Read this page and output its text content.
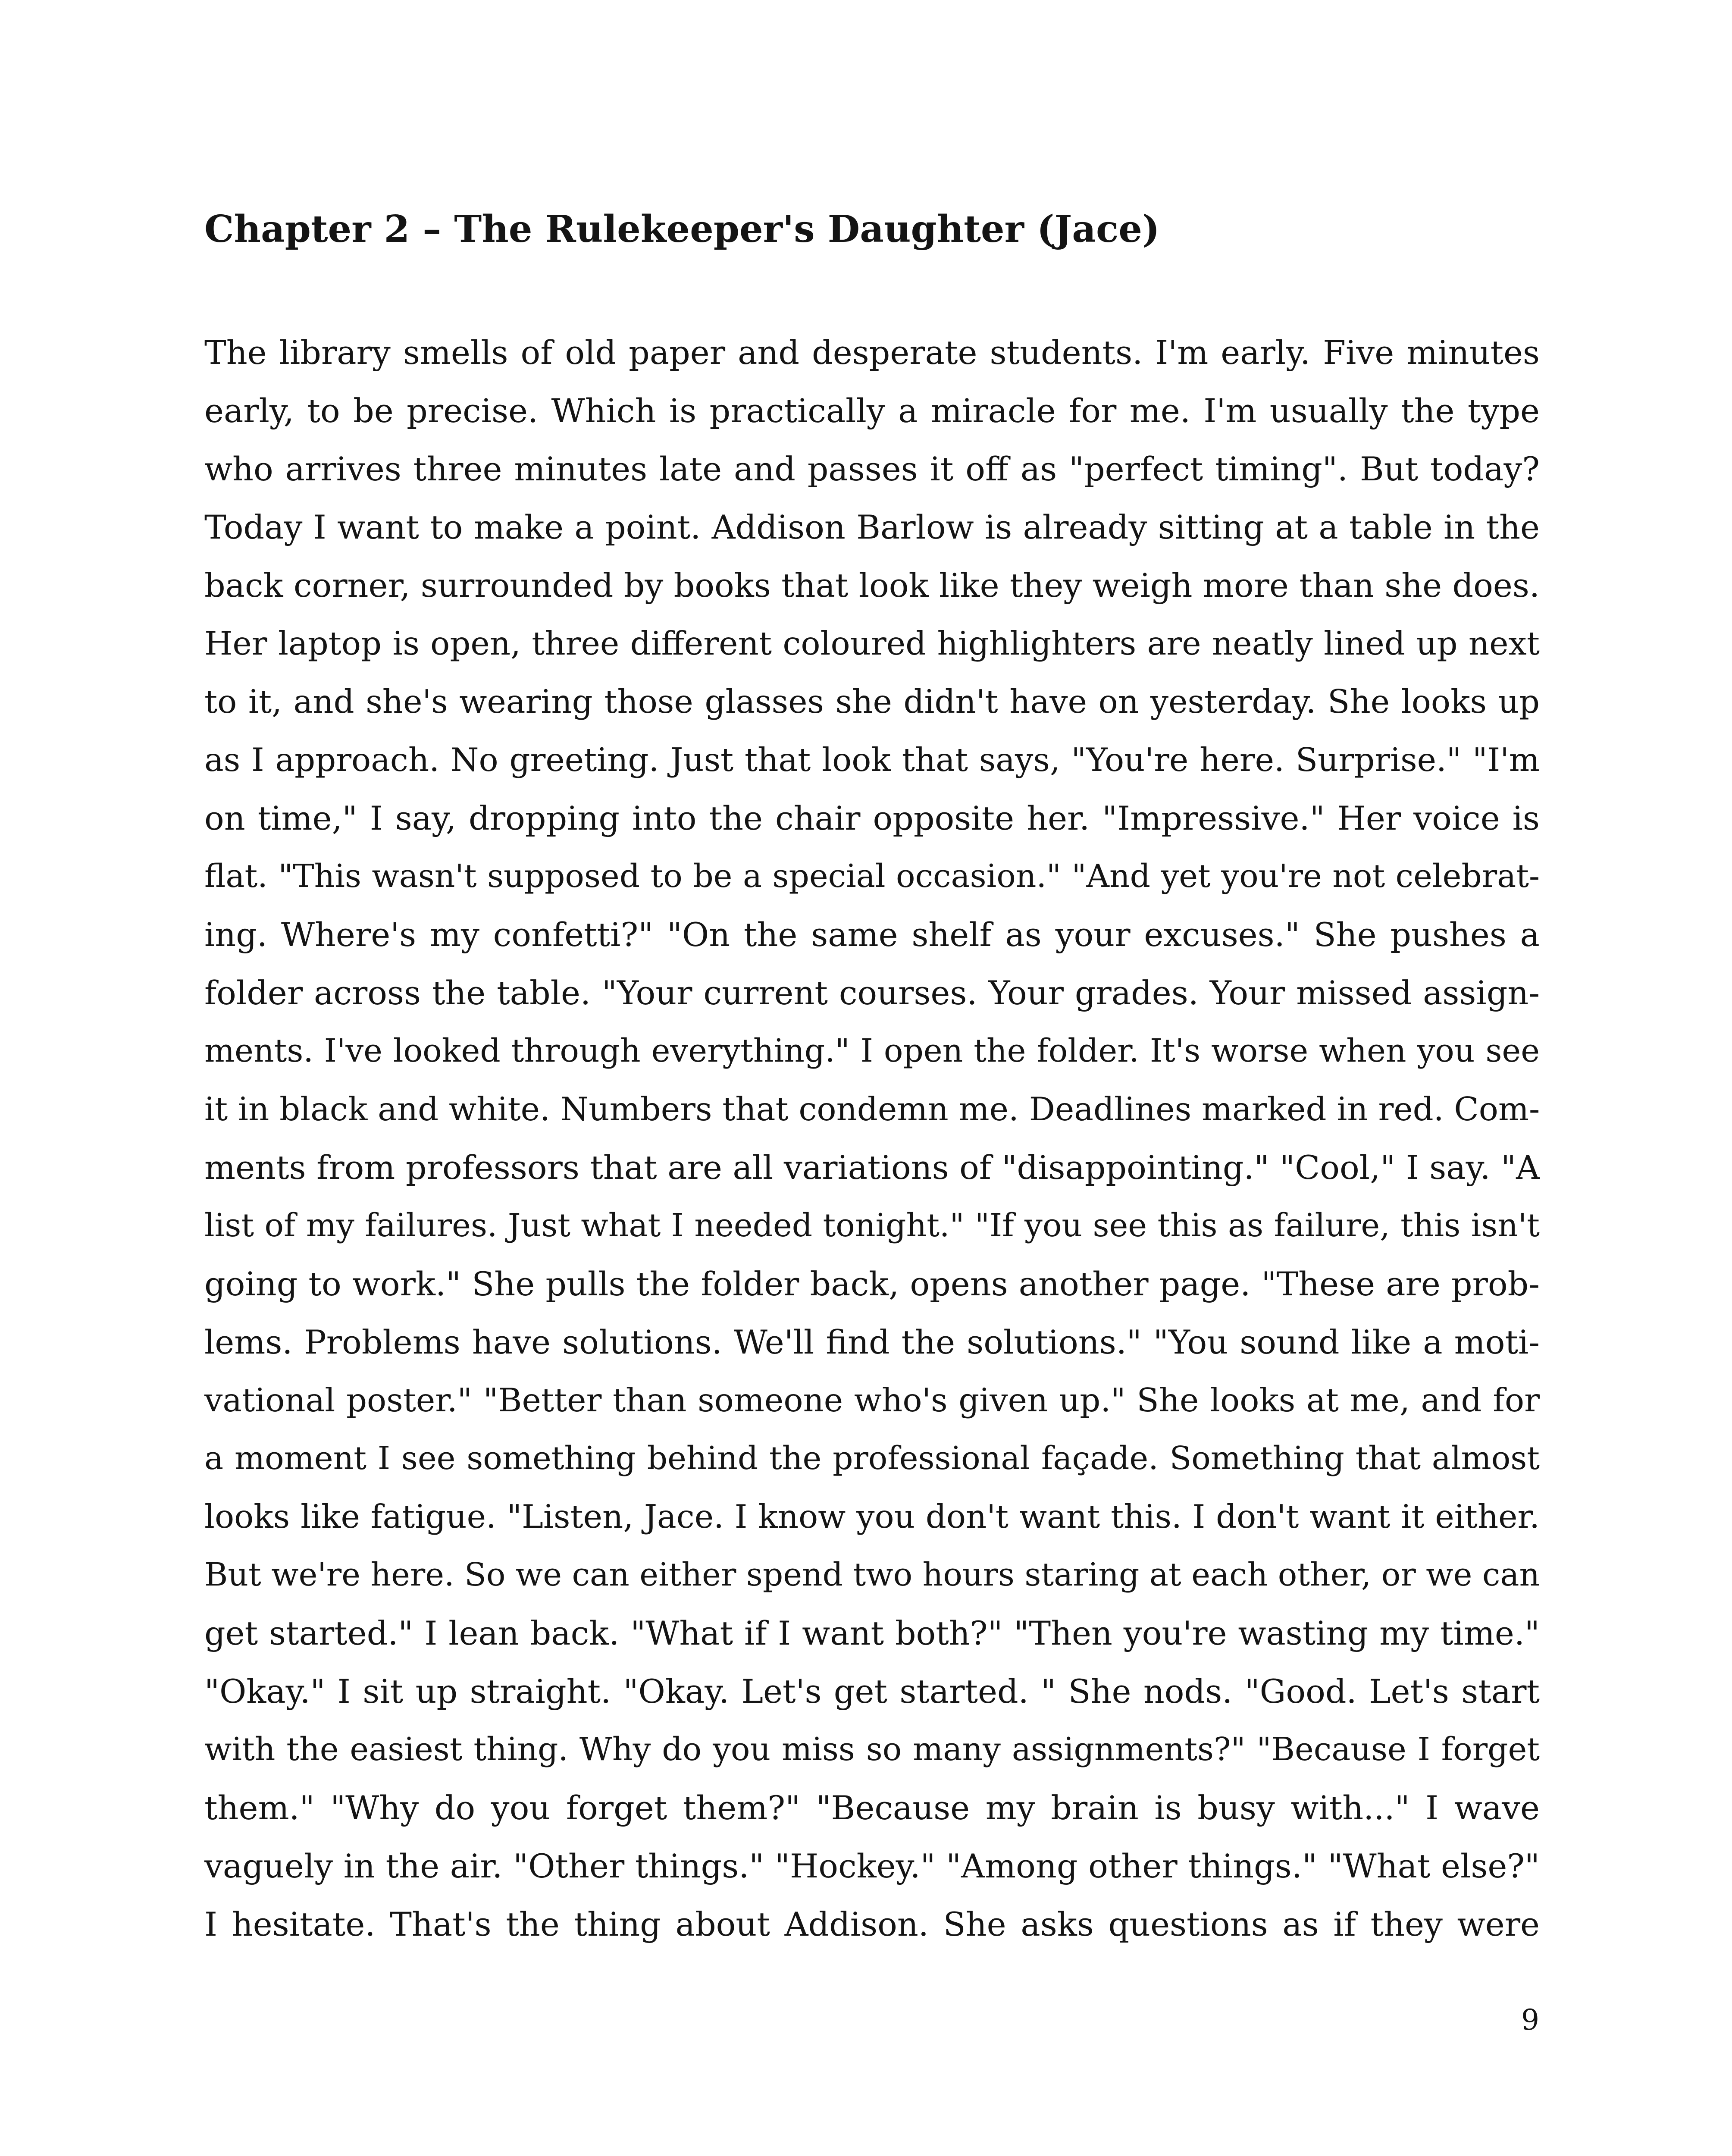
Chapter 2 – The Rulekeeper's Daughter (Jace)
The library smells of old paper and desperate students. I'm early. Five minutes
early, to be precise. Which is practically a miracle for me. I'm usually the type
who arrives three minutes late and passes it off as "perfect timing". But today?
Today I want to make a point. Addison Barlow is already sitting at a table in the
back corner, surrounded by books that look like they weigh more than she does.
Her laptop is open, three different coloured highlighters are neatly lined up next
to it, and she's wearing those glasses she didn't have on yesterday. She looks up
as I approach. No greeting. Just that look that says, "You're here. Surprise." "I'm
on time," I say, dropping into the chair opposite her. "Impressive." Her voice is
flat. "This wasn't supposed to be a special occasion." "And yet you're not celebrat-
ing. Where's my confetti?" "On the same shelf as your excuses." She pushes a
folder across the table. "Your current courses. Your grades. Your missed assign-
ments. I've looked through everything." I open the folder. It's worse when you see
it in black and white. Numbers that condemn me. Deadlines marked in red. Com-
ments from professors that are all variations of "disappointing." "Cool," I say. "A
list of my failures. Just what I needed tonight." "If you see this as failure, this isn't
going to work." She pulls the folder back, opens another page. "These are prob-
lems. Problems have solutions. We'll find the solutions." "You sound like a moti-
vational poster." "Better than someone who's given up." She looks at me, and for
a moment I see something behind the professional façade. Something that almost
looks like fatigue. "Listen, Jace. I know you don't want this. I don't want it either.
But we're here. So we can either spend two hours staring at each other, or we can
get started." I lean back. "What if I want both?" "Then you're wasting my time."
"Okay." I sit up straight. "Okay. Let's get started. " She nods. "Good. Let's start
with the easiest thing. Why do you miss so many assignments?" "Because I forget
them." "Why do you forget them?" "Because my brain is busy with..." I wave
vaguely in the air. "Other things." "Hockey." "Among other things." "What else?"
I hesitate. That's the thing about Addison. She asks questions as if they were
9
